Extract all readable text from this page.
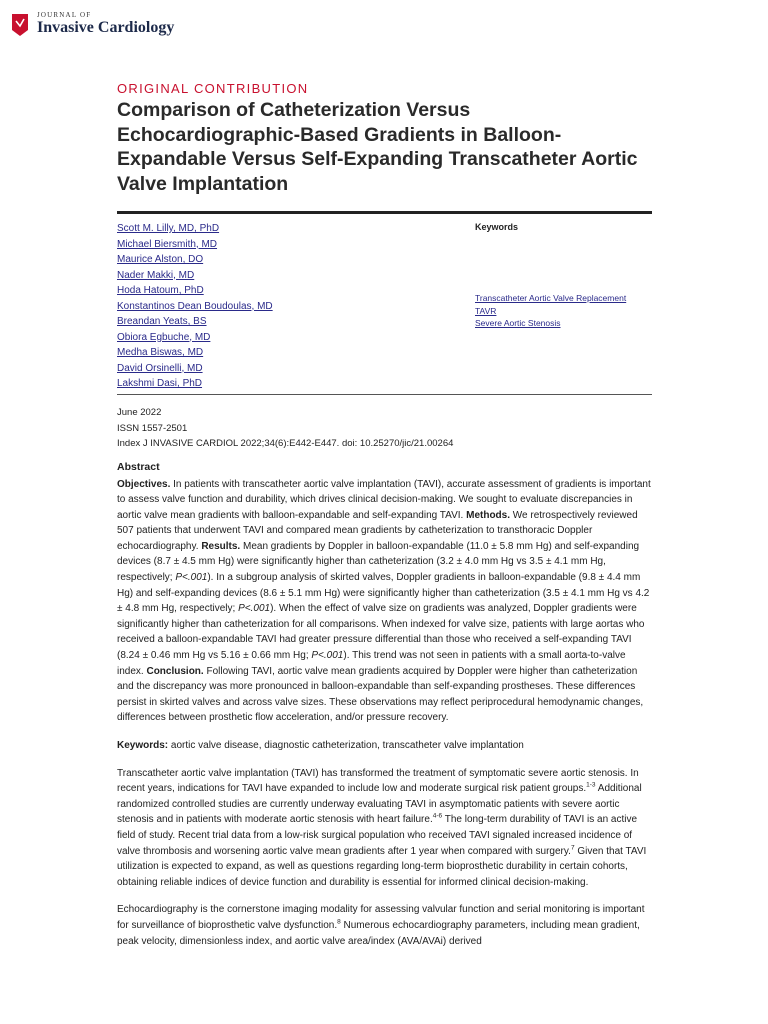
JOURNAL OF
Invasive Cardiology
ORIGINAL CONTRIBUTION
Comparison of Catheterization Versus Echocardiographic-Based Gradients in Balloon-Expandable Versus Self-Expanding Transcatheter Aortic Valve Implantation
Scott M. Lilly, MD, PhD
Michael Biersmith, MD
Maurice Alston, DO
Nader Makki, MD
Hoda Hatoum, PhD
Konstantinos Dean Boudoulas, MD
Breandan Yeats, BS
Obiora Egbuche, MD
Medha Biswas, MD
David Orsinelli, MD
Lakshmi Dasi, PhD
Keywords
Transcatheter Aortic Valve Replacement
TAVR
Severe Aortic Stenosis
June 2022
ISSN 1557-2501
Index J INVASIVE CARDIOL 2022;34(6):E442-E447. doi: 10.25270/jic/21.00264
Abstract

Objectives. In patients with transcatheter aortic valve implantation (TAVI), accurate assessment of gradients is important to assess valve function and durability, which drives clinical decision-making. We sought to evaluate discrepancies in aortic valve mean gradients with balloon-expandable and self-expanding TAVI. Methods. We retrospectively reviewed 507 patients that underwent TAVI and compared mean gradients by catheterization to transthoracic Doppler echocardiography. Results. Mean gradients by Doppler in balloon-expandable (11.0 ± 5.8 mm Hg) and self-expanding devices (8.7 ± 4.5 mm Hg) were significantly higher than catheterization (3.2 ± 4.0 mm Hg vs 3.5 ± 4.1 mm Hg, respectively; P<.001). In a subgroup analysis of skirted valves, Doppler gradients in balloon-expandable (9.8 ± 4.4 mm Hg) and self-expanding devices (8.6 ± 5.1 mm Hg) were significantly higher than catheterization (3.5 ± 4.1 mm Hg vs 4.2 ± 4.8 mm Hg, respectively; P<.001). When the effect of valve size on gradients was analyzed, Doppler gradients were significantly higher than catheterization for all comparisons. When indexed for valve size, patients with large aortas who received a balloon-expandable TAVI had greater pressure differential than those who received a self-expanding TAVI (8.24 ± 0.46 mm Hg vs 5.16 ± 0.66 mm Hg; P<.001). This trend was not seen in patients with a small aorta-to-valve index. Conclusion. Following TAVI, aortic valve mean gradients acquired by Doppler were higher than catheterization and the discrepancy was more pronounced in balloon-expandable than self-expanding prostheses. These differences persist in skirted valves and across valve sizes. These observations may reflect periprocedural hemodynamic changes, differences between prosthetic flow acceleration, and/or pressure recovery.

Keywords: aortic valve disease, diagnostic catheterization, transcatheter valve implantation

Transcatheter aortic valve implantation (TAVI) has transformed the treatment of symptomatic severe aortic stenosis. In recent years, indications for TAVI have expanded to include low and moderate surgical risk patient groups.$^{1-3}$ Additional randomized controlled studies are currently underway evaluating TAVI in asymptomatic patients with severe aortic stenosis and in patients with moderate aortic stenosis with heart failure.$^{4-6}$ The long-term durability of TAVI is an active field of study. Recent trial data from a low-risk surgical population who received TAVI signaled increased incidence of valve thrombosis and worsening aortic valve mean gradients after 1 year when compared with surgery.$^7$ Given that TAVI utilization is expected to expand, as well as questions regarding long-term bioprosthetic durability in certain cohorts, obtaining reliable indices of device function and durability is essential for informed clinical decision-making.

Echocardiography is the cornerstone imaging modality for assessing valvular function and serial monitoring is important for surveillance of bioprosthetic valve dysfunction.$^8$ Numerous echocardiography parameters, including mean gradient, peak velocity, dimensionless index, and aortic valve area/index (AVA/AVAi) derived
